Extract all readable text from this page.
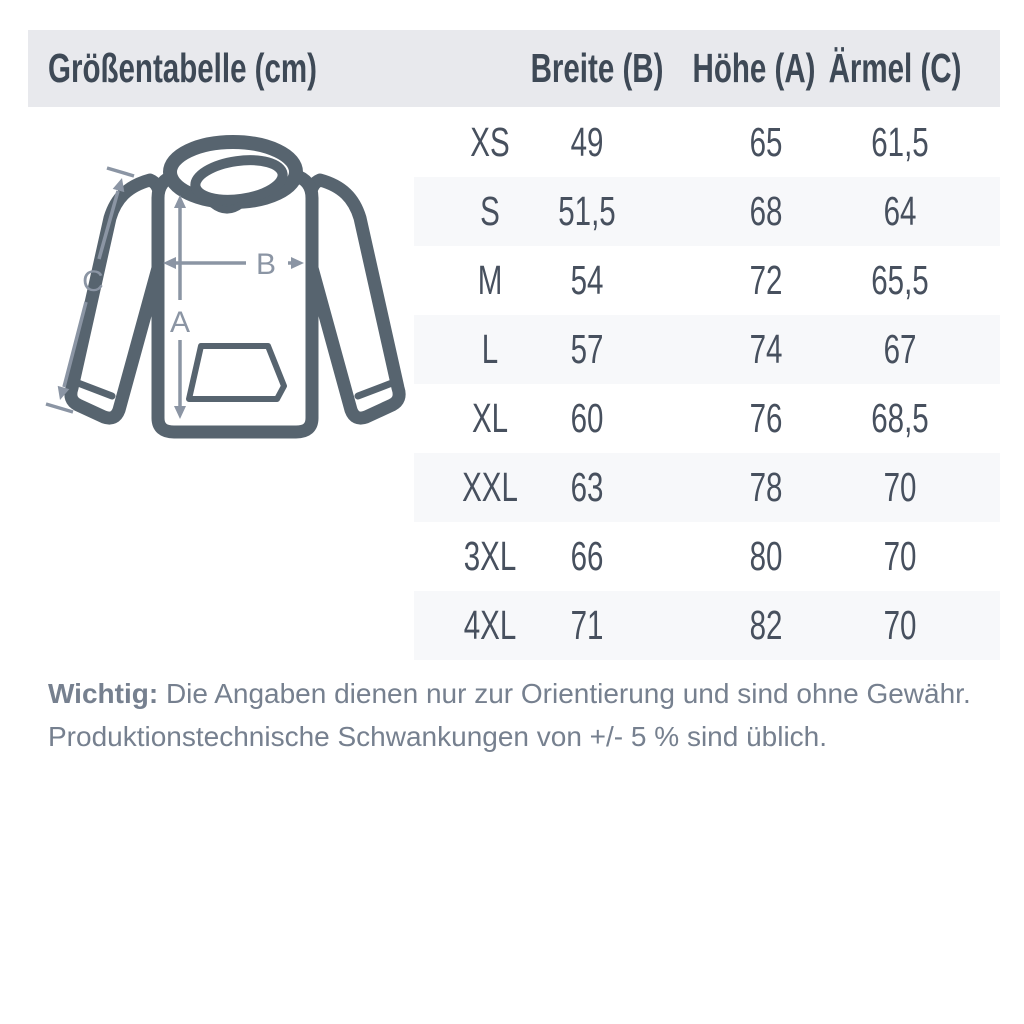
Größentabelle (cm)	Breite (B) Höhe (A) Ärmel (C)
XS 49	65 61,5
S 51,5	68 64
M 54	72 65,5
L 57	74 67
XL 60	76 68,5
XXL 63	78 70
3XL 66	80 70
4XL 71	82 70
A
B
C
Wichtig: Die Angaben dienen nur zur Orientierung und sind ohne Gewähr.
Produktionstechnische Schwankungen von +/- 5 % sind üblich.
